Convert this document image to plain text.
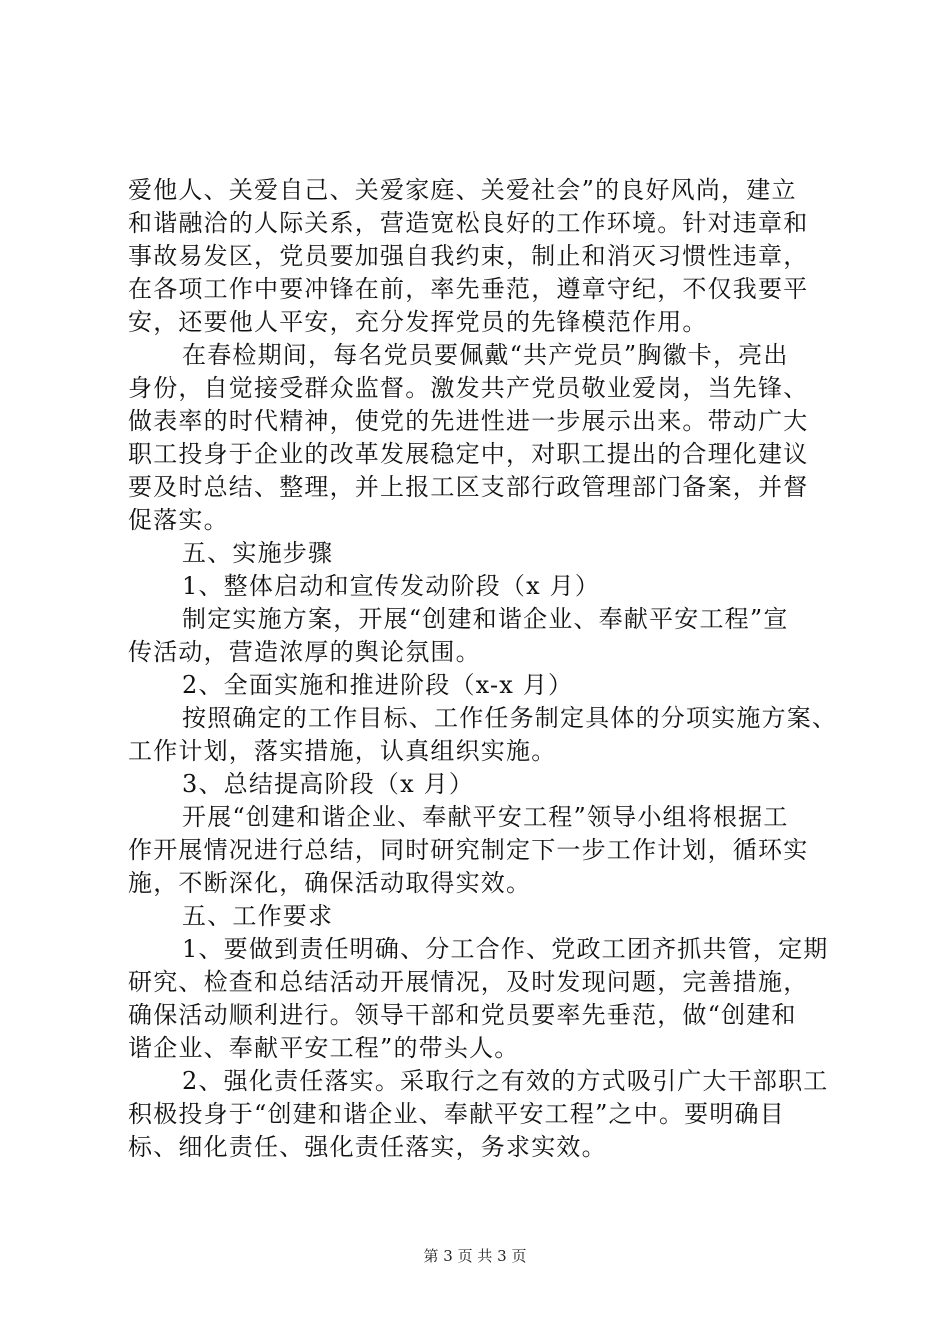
爱他人、关爱自己、关爱家庭、关爱社会”的良好风尚，建立
和谐融洽的人际关系，营造宽松良好的工作环境。针对违章和
事故易发区，党员要加强自我约束，制止和消灭习惯性违章，
在各项工作中要冲锋在前，率先垂范，遵章守纪，不仅我要平
安，还要他人平安，充分发挥党员的先锋模范作用。
在春检期间，每名党员要佩戴“共产党员”胸徽卡，亮出
身份，自觉接受群众监督。激发共产党员敬业爱岗，当先锋、
做表率的时代精神，使党的先进性进一步展示出来。带动广大
职工投身于企业的改革发展稳定中，对职工提出的合理化建议
要及时总结、整理，并上报工区支部行政管理部门备案，并督
促落实。
五、实施步骤
1、整体启动和宣传发动阶段（x 月）
制定实施方案，开展“创建和谐企业、奉献平安工程”宣
传活动，营造浓厚的舆论氛围。
2、全面实施和推进阶段（x-x 月）
按照确定的工作目标、工作任务制定具体的分项实施方案、
工作计划，落实措施，认真组织实施。
3、总结提高阶段（x 月）
开展“创建和谐企业、奉献平安工程”领导小组将根据工
作开展情况进行总结，同时研究制定下一步工作计划，循环实
施，不断深化，确保活动取得实效。
五、工作要求
1、要做到责任明确、分工合作、党政工团齐抓共管，定期
研究、检查和总结活动开展情况，及时发现问题，完善措施，
确保活动顺利进行。领导干部和党员要率先垂范，做“创建和
谐企业、奉献平安工程”的带头人。
2、强化责任落实。采取行之有效的方式吸引广大干部职工
积极投身于“创建和谐企业、奉献平安工程”之中。要明确目
标、细化责任、强化责任落实，务求实效。
第 3 页 共 3 页
